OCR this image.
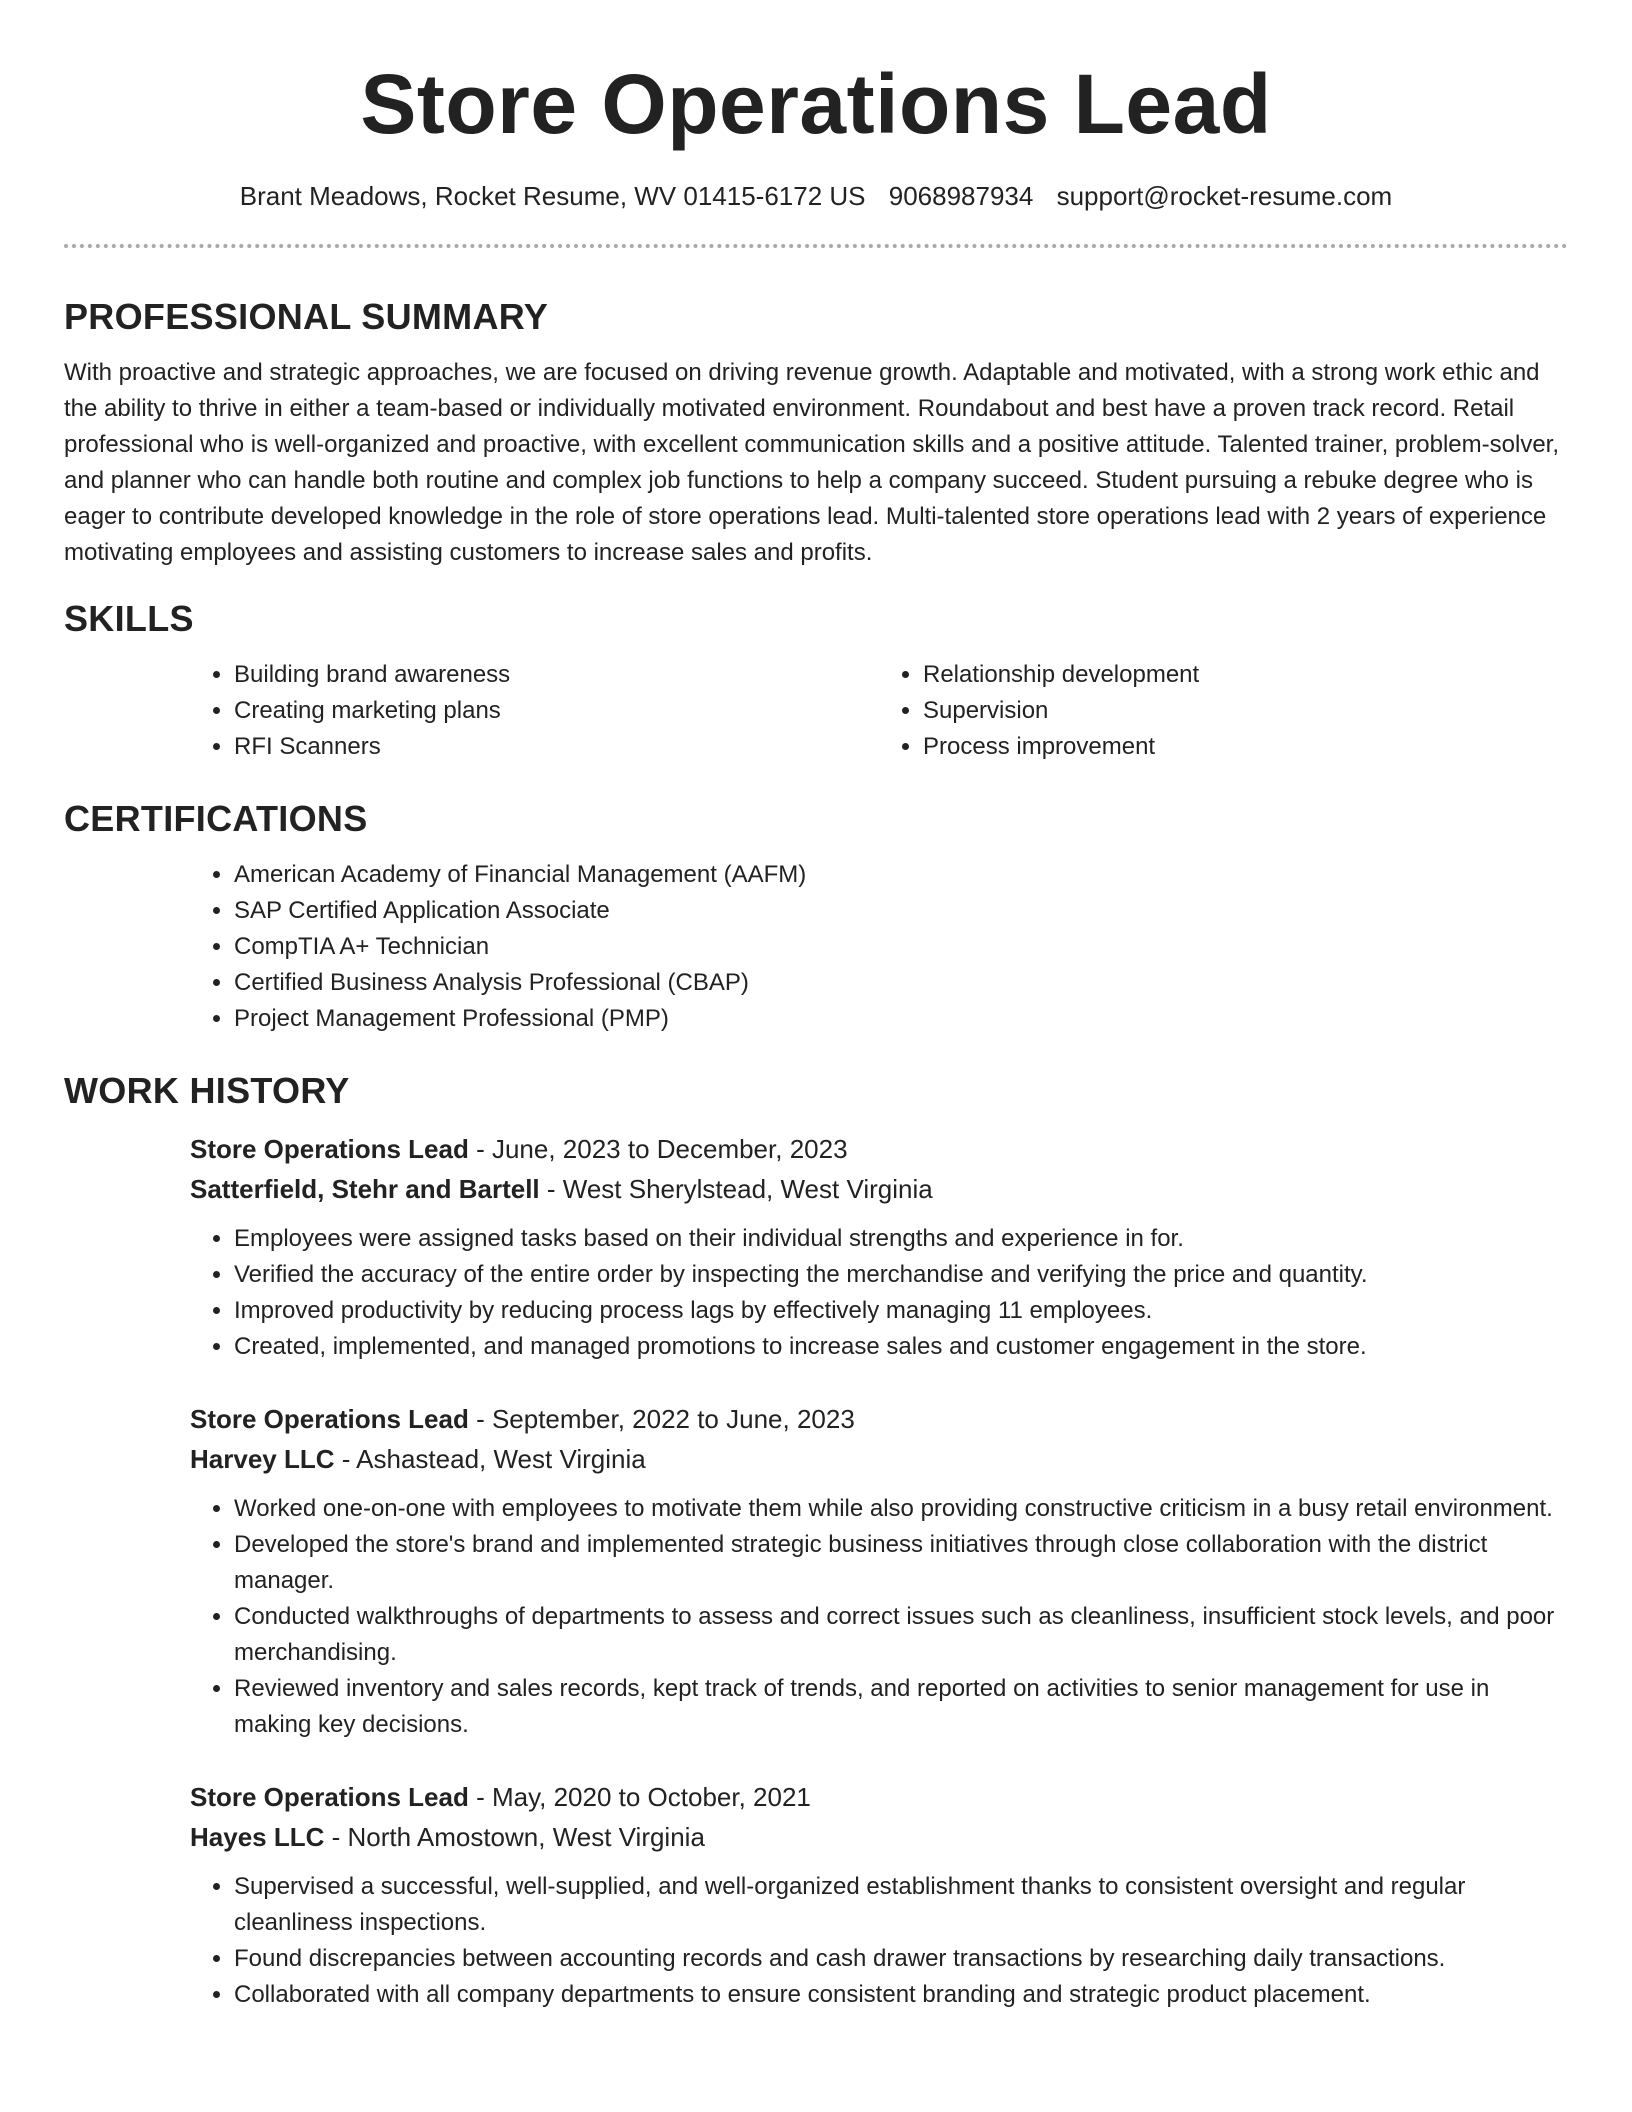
Store Operations Lead
Brant Meadows, Rocket Resume, WV 01415-6172 US 9068987934 support@rocket-resume.com
PROFESSIONAL SUMMARY

With proactive and strategic approaches, we are focused on driving revenue growth. Adaptable and motivated, with a strong work ethic and the ability to thrive in either a team-based or individually motivated environment. Roundabout and best have a proven track record. Retail professional who is well-organized and proactive, with excellent communication skills and a positive attitude. Talented trainer, problem-solver, and planner who can handle both routine and complex job functions to help a company succeed. Student pursuing a rebuke degree who is eager to contribute developed knowledge in the role of store operations lead. Multi-talented store operations lead with 2 years of experience motivating employees and assisting customers to increase sales and profits.

SKILLS
• Building brand awareness
• Creating marketing plans
• RFI Scanners
• Relationship development
• Supervision
• Process improvement
CERTIFICATIONS
• American Academy of Financial Management (AAFM)
• SAP Certified Application Associate
• CompTIA A+ Technician
• Certified Business Analysis Professional (CBAP)
• Project Management Professional (PMP)
WORK HISTORY

Store Operations Lead - June, 2023 to December, 2023

Satterfield, Stehr and Bartell - West Sherylstead, West Virginia

• Employees were assigned tasks based on their individual strengths and experience in for.
• Verified the accuracy of the entire order by inspecting the merchandise and verifying the price and quantity.
• Improved productivity by reducing process lags by effectively managing 11 employees.
• Created, implemented, and managed promotions to increase sales and customer engagement in the store.

Store Operations Lead - September, 2022 to June, 2023

Harvey LLC - Ashastead, West Virginia

• Worked one-on-one with employees to motivate them while also providing constructive criticism in a busy retail environment.
• Developed the store's brand and implemented strategic business initiatives through close collaboration with the district manager.
• Conducted walkthroughs of departments to assess and correct issues such as cleanliness, insufficient stock levels, and poor merchandising.
• Reviewed inventory and sales records, kept track of trends, and reported on activities to senior management for use in making key decisions.

Store Operations Lead - May, 2020 to October, 2021

Hayes LLC - North Amostown, West Virginia

• Supervised a successful, well-supplied, and well-organized establishment thanks to consistent oversight and regular cleanliness inspections.
• Found discrepancies between accounting records and cash drawer transactions by researching daily transactions.
• Collaborated with all company departments to ensure consistent branding and strategic product placement.
